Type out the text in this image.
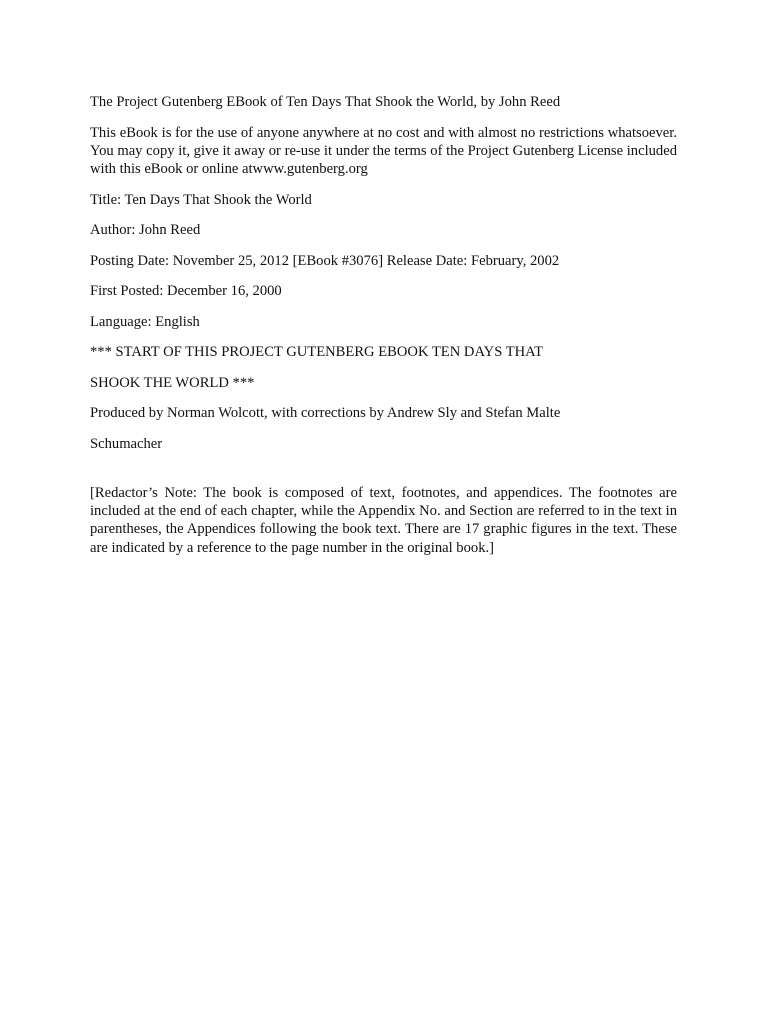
The Project Gutenberg EBook of Ten Days That Shook the World, by John Reed

This eBook is for the use of anyone anywhere at no cost and with almost no restrictions whatsoever. You may copy it, give it away or re-use it under the terms of the Project Gutenberg License included with this eBook or online atwww.gutenberg.org

Title: Ten Days That Shook the World

Author: John Reed

Posting Date: November 25, 2012 [EBook #3076] Release Date: February, 2002

First Posted: December 16, 2000

Language: English

*** START OF THIS PROJECT GUTENBERG EBOOK TEN DAYS THAT

SHOOK THE WORLD ***

Produced by Norman Wolcott, with corrections by Andrew Sly and Stefan Malte

Schumacher

[Redactor’s Note: The book is composed of text, footnotes, and appendices. The footnotes are included at the end of each chapter, while the Appendix No. and Section are referred to in the text in parentheses, the Appendices following the book text. There are 17 graphic figures in the text. These are indicated by a reference to the page number in the original book.]
